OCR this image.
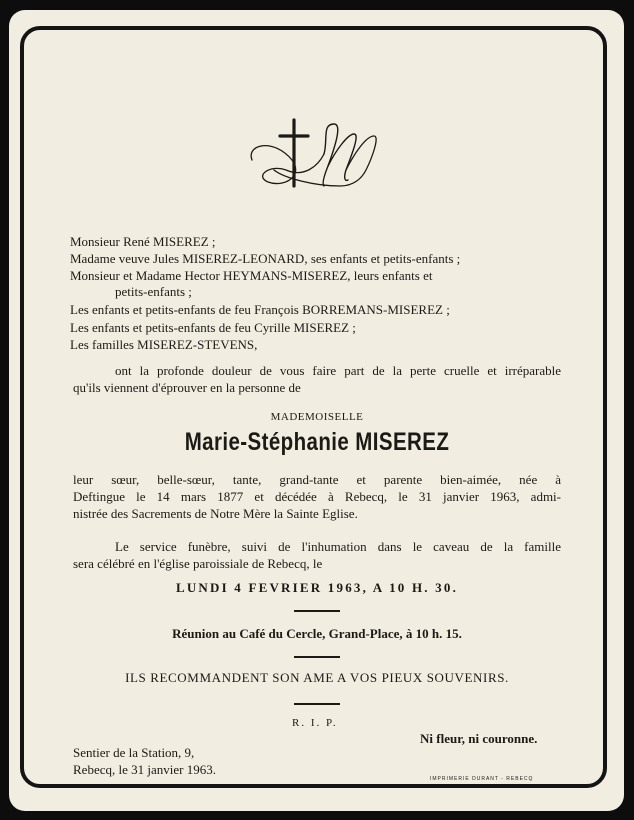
Monsieur René MISEREZ ;
Madame veuve Jules MISEREZ-LEONARD, ses enfants et petits-enfants ;
Monsieur et Madame Hector HEYMANS-MISEREZ, leurs enfants et
petits-enfants ;
Les enfants et petits-enfants de feu François BORREMANS-MISEREZ ;
Les enfants et petits-enfants de feu Cyrille MISEREZ ;
Les familles MISEREZ-STEVENS,
ont la profonde douleur de vous faire part de la perte cruelle et irréparable
qu'ils viennent d'éprouver en la personne de
MADEMOISELLE
Marie-Stéphanie MISEREZ
leur sœur, belle-sœur, tante, grand-tante et parente bien-aimée, née à
Deftingue le 14 mars 1877 et décédée à Rebecq, le 31 janvier 1963, admi-
nistrée des Sacrements de Notre Mère la Sainte Eglise.
Le service funèbre, suivi de l'inhumation dans le caveau de la famille
sera célébré en l'église paroissiale de Rebecq, le
LUNDI 4 FEVRIER 1963, A 10 H. 30.
Réunion au Café du Cercle, Grand-Place, à 10 h. 15.
ILS RECOMMANDENT SON AME A VOS PIEUX SOUVENIRS.
R. I. P.
Ni fleur, ni couronne.
Sentier de la Station, 9,
Rebecq, le 31 janvier 1963.
IMPRIMERIE DURANT - REBECQ
